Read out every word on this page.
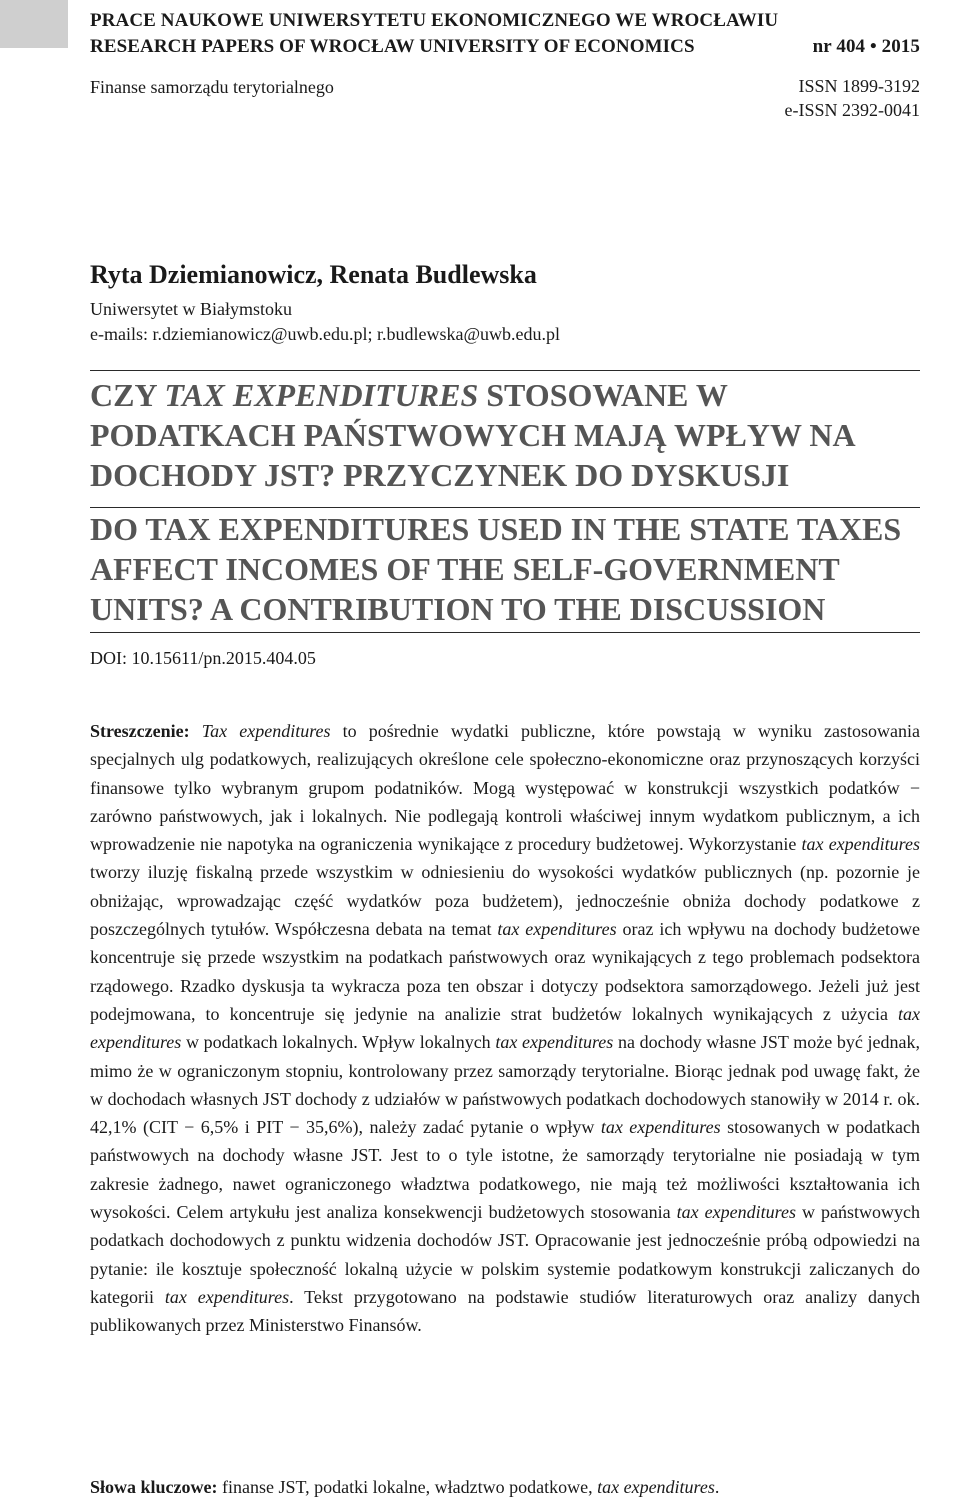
PRACE NAUKOWE UNIWERSYTETU EKONOMICZNEGO WE WROCŁAWIU
RESEARCH PAPERS OF WROCŁAW UNIVERSITY OF ECONOMICS	nr 404 • 2015
Finanse samorządu terytorialnego	ISSN 1899-3192
e-ISSN 2392-0041
Ryta Dziemianowicz, Renata Budlewska
Uniwersytet w Białymstoku
e-mails: r.dziemianowicz@uwb.edu.pl; r.budlewska@uwb.edu.pl
CZY TAX EXPENDITURES STOSOWANE W PODATKACH PAŃSTWOWYCH MAJĄ WPŁYW NA DOCHODY JST? PRZYCZYNEK DO DYSKUSJI
DO TAX EXPENDITURES USED IN THE STATE TAXES AFFECT INCOMES OF THE SELF-GOVERNMENT UNITS? A CONTRIBUTION TO THE DISCUSSION
DOI: 10.15611/pn.2015.404.05

Streszczenie: Tax expenditures to pośrednie wydatki publiczne, które powstają w wyniku zastosowania specjalnych ulg podatkowych, realizujących określone cele społeczno-ekonomiczne oraz przynoszących korzyści finansowe tylko wybranym grupom podatników. Mogą występować w konstrukcji wszystkich podatków − zarówno państwowych, jak i lokalnych. Nie podlegają kontroli właściwej innym wydatkom publicznym, a ich wprowadzenie nie napotyka na ograniczenia wynikające z procedury budżetowej. Wykorzystanie tax expenditures tworzy iluzję fiskalną przede wszystkim w odniesieniu do wysokości wydatków publicznych (np. pozornie je obniżając, wprowadzając część wydatków poza budżetem), jednocześnie obniża dochody podatkowe z poszczególnych tytułów. Współczesna debata na temat tax expenditures oraz ich wpływu na dochody budżetowe koncentruje się przede wszystkim na podatkach państwowych oraz wynikających z tego problemach podsektora rządowego. Rzadko dyskusja ta wykracza poza ten obszar i dotyczy podsektora samorządowego. Jeżeli już jest podejmowana, to koncentruje się jedynie na analizie strat budżetów lokalnych wynikających z użycia tax expenditures w podatkach lokalnych. Wpływ lokalnych tax expenditures na dochody własne JST może być jednak, mimo że w ograniczonym stopniu, kontrolowany przez samorządy terytorialne. Biorąc jednak pod uwagę fakt, że w dochodach własnych JST dochody z udziałów w państwowych podatkach dochodowych stanowiły w 2014 r. ok. 42,1% (CIT − 6,5% i PIT − 35,6%), należy zadać pytanie o wpływ tax expenditures stosowanych w podatkach państwowych na dochody własne JST. Jest to o tyle istotne, że samorządy terytorialne nie posiadają w tym zakresie żadnego, nawet ograniczonego władztwa podatkowego, nie mają też możliwości kształtowania ich wysokości. Celem artykułu jest analiza konsekwencji budżetowych stosowania tax expenditures w państwowych podatkach dochodowych z punktu widzenia dochodów JST. Opracowanie jest jednocześnie próbą odpowiedzi na pytanie: ile kosztuje społeczność lokalną użycie w polskim systemie podatkowym konstrukcji zaliczanych do kategorii tax expenditures. Tekst przygotowano na podstawie studiów literaturowych oraz analizy danych publikowanych przez Ministerstwo Finansów.

Słowa kluczowe: finanse JST, podatki lokalne, władztwo podatkowe, tax expenditures.
